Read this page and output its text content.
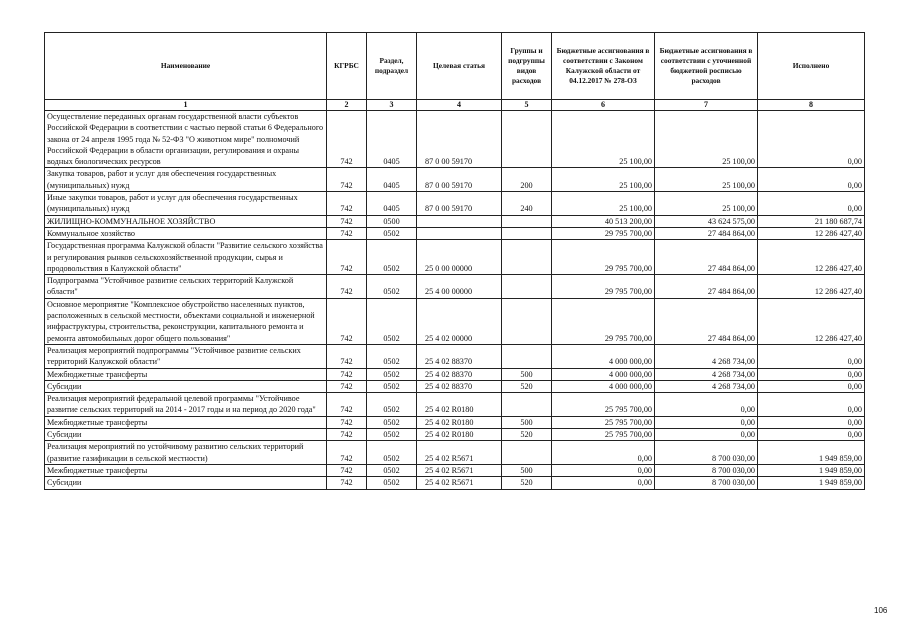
Наименование	КГРБС	Раздел, подраздел	Целевая статья	Группы и подгруппы видов расходов	Бюджетные ассигнования в соответствии с Законом Калужской области от 04.12.2017 № 278-ОЗ	Бюджетные ассигнования в соответствии с уточненной бюджетной росписью расходов	Исполнено
1	2	3	4	5	6	7	8
Осуществление переданных органам государственной власти субъектов Российской Федерации в соответствии с частью первой статьи 6 Федерального закона от 24 апреля 1995 года № 52-ФЗ "О животном мире" полномочий Российской Федерации в области организации, регулирования и охраны водных биологических ресурсов	742	0405	87 0 00 59170		25 100,00	25 100,00	0,00
Закупка товаров, работ и услуг для обеспечения государственных (муниципальных) нужд	742	0405	87 0 00 59170	200	25 100,00	25 100,00	0,00
Иные закупки товаров, работ и услуг для обеспечения государственных (муниципальных) нужд	742	0405	87 0 00 59170	240	25 100,00	25 100,00	0,00
ЖИЛИЩНО-КОММУНАЛЬНОЕ ХОЗЯЙСТВО	742	0500			40 513 200,00	43 624 575,00	21 180 687,74
Коммунальное хозяйство	742	0502			29 795 700,00	27 484 864,00	12 286 427,40
Государственная программа Калужской области "Развитие сельского хозяйства и регулирования рынков сельскохозяйственной продукции, сырья и продовольствия в Калужской области"	742	0502	25 0 00 00000		29 795 700,00	27 484 864,00	12 286 427,40
Подпрограмма "Устойчивое развитие сельских территорий Калужской области"	742	0502	25 4 00 00000		29 795 700,00	27 484 864,00	12 286 427,40
Основное мероприятие "Комплексное обустройство населенных пунктов, расположенных в сельской местности, объектами социальной и инженерной инфраструктуры, строительства, реконструкции, капитального ремонта и ремонта автомобильных дорог общего пользования"	742	0502	25 4 02 00000		29 795 700,00	27 484 864,00	12 286 427,40
Реализация мероприятий подпрограммы "Устойчивое развитие сельских территорий Калужской области"	742	0502	25 4 02 88370		4 000 000,00	4 268 734,00	0,00
Межбюджетные трансферты	742	0502	25 4 02 88370	500	4 000 000,00	4 268 734,00	0,00
Субсидии	742	0502	25 4 02 88370	520	4 000 000,00	4 268 734,00	0,00
Реализация мероприятий федеральной целевой программы "Устойчивое развитие сельских территорий на 2014 - 2017 годы и на период до 2020 года"	742	0502	25 4 02 R0180		25 795 700,00	0,00	0,00
Межбюджетные трансферты	742	0502	25 4 02 R0180	500	25 795 700,00	0,00	0,00
Субсидии	742	0502	25 4 02 R0180	520	25 795 700,00	0,00	0,00
Реализация мероприятий по устойчивому развитию сельских территорий (развитие газификации в сельской местности)	742	0502	25 4 02 R5671		0,00	8 700 030,00	1 949 859,00
Межбюджетные трансферты	742	0502	25 4 02 R5671	500	0,00	8 700 030,00	1 949 859,00
Субсидии	742	0502	25 4 02 R5671	520	0,00	8 700 030,00	1 949 859,00
106
